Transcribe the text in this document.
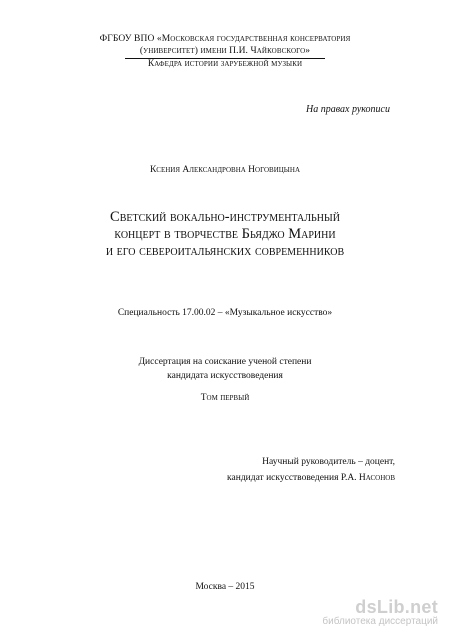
ФГБОУ ВПО «Московская государственная консерватория
(университет) имени П.И. Чайковского»
Кафедра истории зарубежной музыки
На правах рукописи
Ксения Александровна Ноговицына
Светский вокально-инструментальный
концерт в творчестве Бьяджо Марини
и его североитальянских современников
Специальность 17.00.02 – «Музыкальное искусство»
Диссертация на соискание ученой степени
кандидата искусствоведения
Том первый
Научный руководитель – доцент,
кандидат искусствоведения Р.А. Насонов
Москва – 2015
dsLib.net
библиотека диссертаций
